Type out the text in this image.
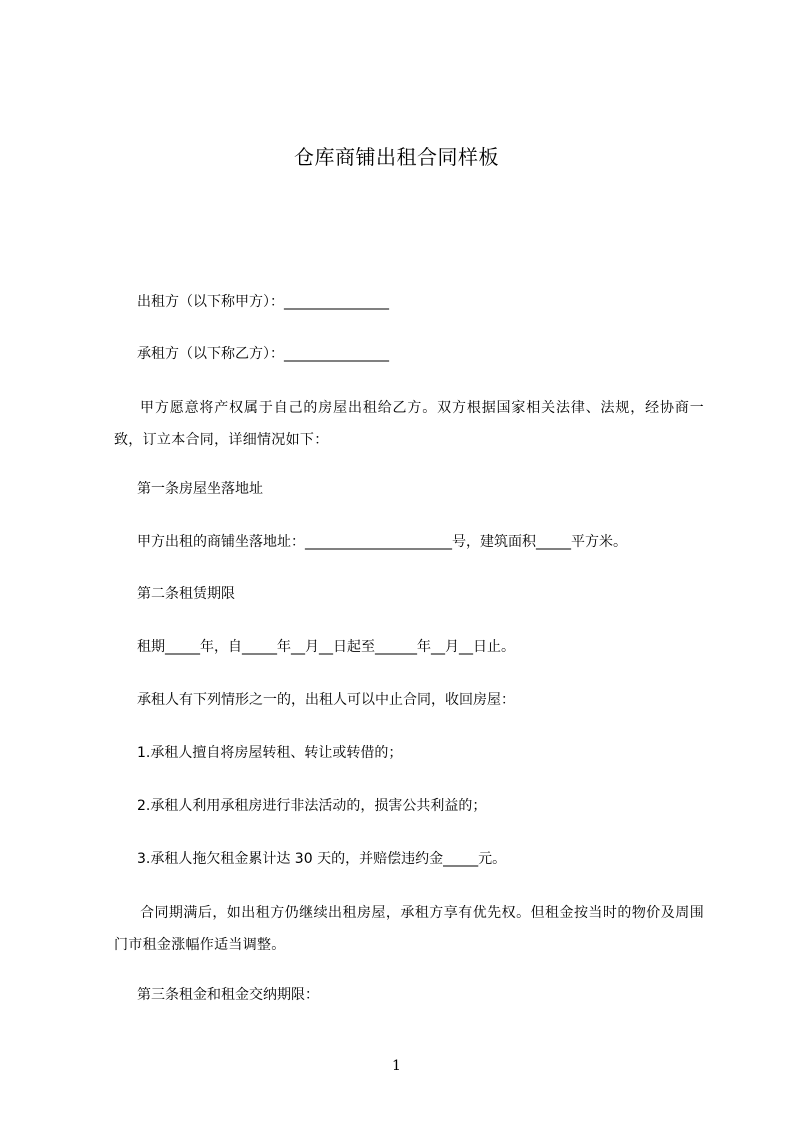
仓库商铺出租合同样板
出租方（以下称甲方）：_______________
承租方（以下称乙方）：_______________
甲方愿意将产权属于自己的房屋出租给乙方。双方根据国家相关法律、法规，经协商一致，订立本合同，详细情况如下：
第一条房屋坐落地址
甲方出租的商铺坐落地址：_____________________号，建筑面积_____平方米。
第二条租赁期限
租期_____年，自_____年__月__日起至______年__月__日止。
承租人有下列情形之一的，出租人可以中止合同，收回房屋：
1.承租人擅自将房屋转租、转让或转借的；
2.承租人利用承租房进行非法活动的，损害公共利益的；
3.承租人拖欠租金累计达 30 天的，并赔偿违约金_____元。
合同期满后，如出租方仍继续出租房屋，承租方享有优先权。但租金按当时的物价及周围门市租金涨幅作适当调整。
第三条租金和租金交纳期限：
1
